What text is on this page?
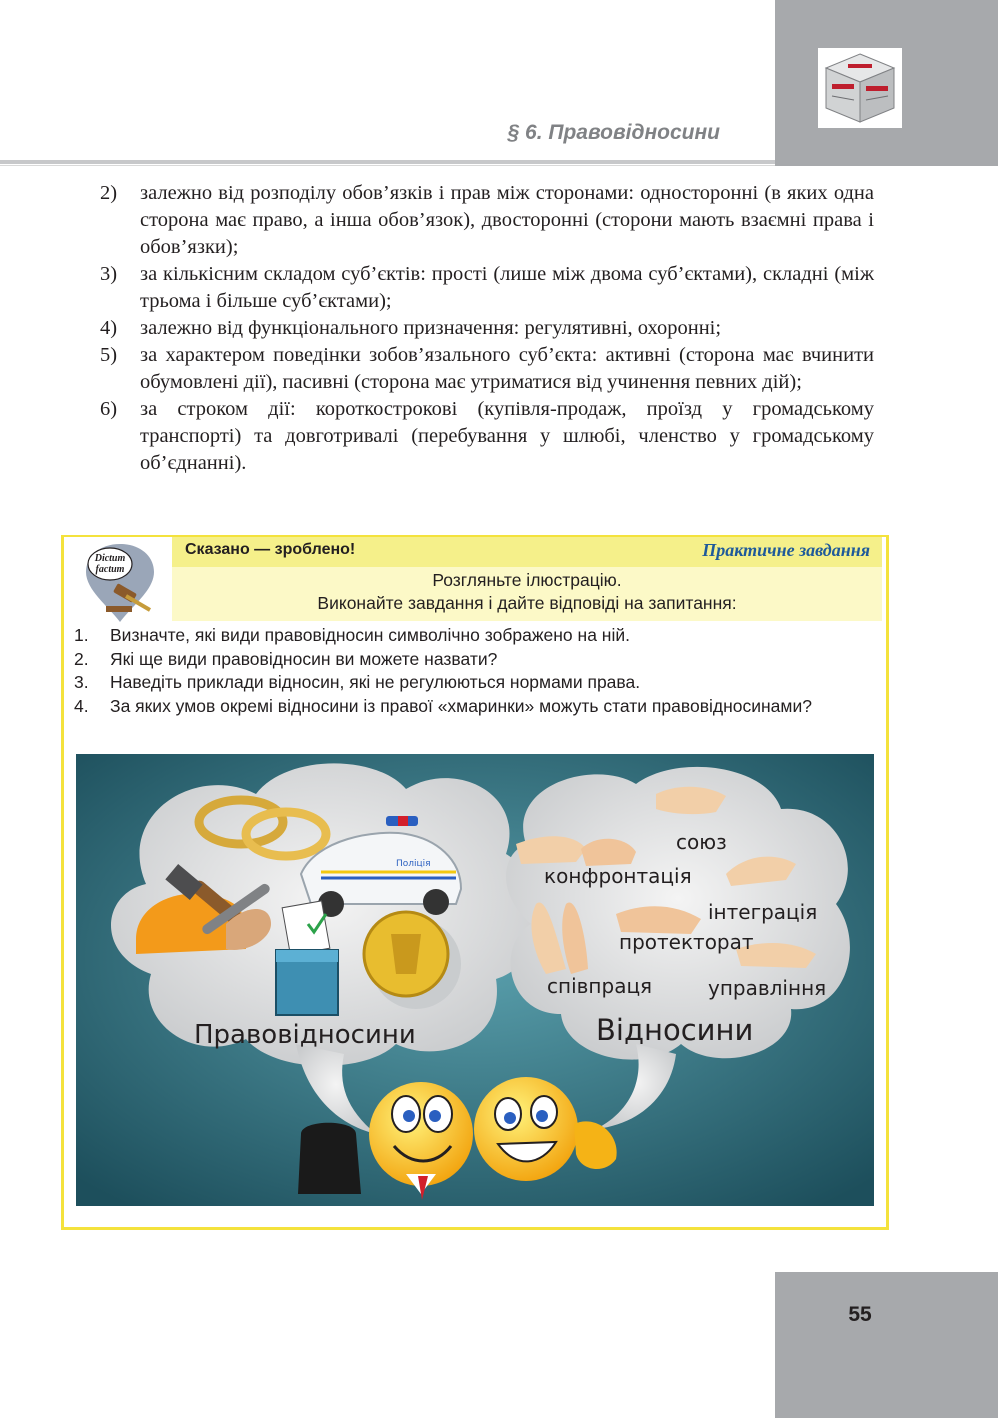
§ 6. Правовідносини
2) залежно від розподілу обов’язків і прав між сторонами: односторонні (в яких одна сторона має право, а інша обов’язок), двосторонні (сторони мають взаємні права і обов’язки);
3) за кількісним складом суб’єктів: прості (лише між двома суб’єктами), складні (між трьома і більше суб’єктами);
4) залежно від функціонального призначення: регулятивні, охоронні;
5) за характером поведінки зобов’язального суб’єкта: активні (сторона має вчинити обумовлені дії), пасивні (сторона має утриматися від учинення певних дій);
6) за строком дії: короткострокові (купівля-продаж, проїзд у громадському транспорті) та довготривалі (перебування у шлюбі, членство у громадському об’єднанні).
Dictum
factum
Сказано — зроблено!	Практичне завдання
Розгляньте ілюстрацію.
Виконайте завдання і дайте відповіді на запитання:
1. Визначте, які види правовідносин символічно зображено на ній.
2. Які ще види правовідносин ви можете назвати?
3. Наведіть приклади відносин, які не регулюються нормами права.
4. За яких умов окремі відносини із правої «хмаринки» можуть стати правовідносинами?
Поліція
Правовідносини
союз
конфронтація
інтеграція
протекторат
співпраця	управління
Відносини
55
